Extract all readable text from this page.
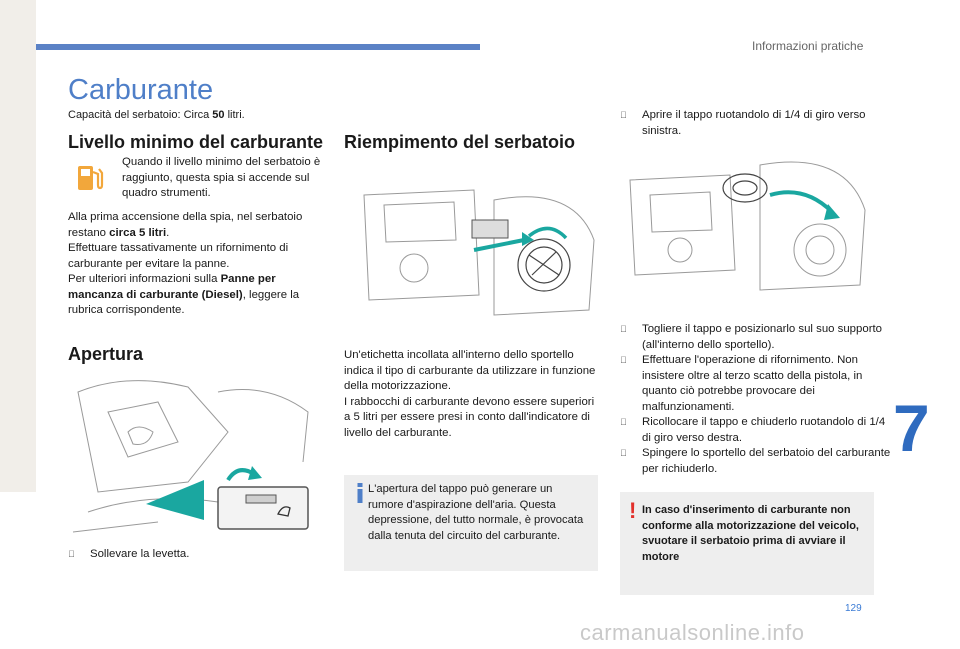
Informazioni pratiche
Carburante
Capacità del serbatoio: Circa 50 litri.
Livello minimo del carburante
Quando il livello minimo del serbatoio è raggiunto, questa spia si accende sul quadro strumenti.
Alla prima accensione della spia, nel serbatoio restano circa 5 litri.
Effettuare tassativamente un rifornimento di carburante per evitare la panne.
Per ulteriori informazioni sulla Panne per mancanza di carburante (Diesel), leggere la rubrica corrispondente.
Apertura
Sollevare la levetta.
Riempimento del serbatoio
Un'etichetta incollata all'interno dello sportello indica il tipo di carburante da utilizzare in funzione della motorizzazione.
I rabbocchi di carburante devono essere superiori a 5 litri per essere presi in conto dall'indicatore di livello del carburante.
L'apertura del tappo può generare un rumore d'aspirazione dell'aria. Questa depressione, del tutto normale, è provocata dalla tenuta del circuito del carburante.
Aprire il tappo ruotandolo di 1/4 di giro verso sinistra.
Togliere il tappo e posizionarlo sul suo supporto (all'interno dello sportello).
Effettuare l'operazione di rifornimento. Non insistere oltre al terzo scatto della pistola, in quanto ciò potrebbe provocare dei malfunzionamenti.
Ricollocare il tappo e chiuderlo ruotandolo di 1/4 di giro verso destra.
Spingere lo sportello del serbatoio del carburante per richiuderlo.
! In caso d'inserimento di carburante non conforme alla motorizzazione del veicolo, svuotare il serbatoio prima di avviare il motore
7
129
carmanualsonline.info
